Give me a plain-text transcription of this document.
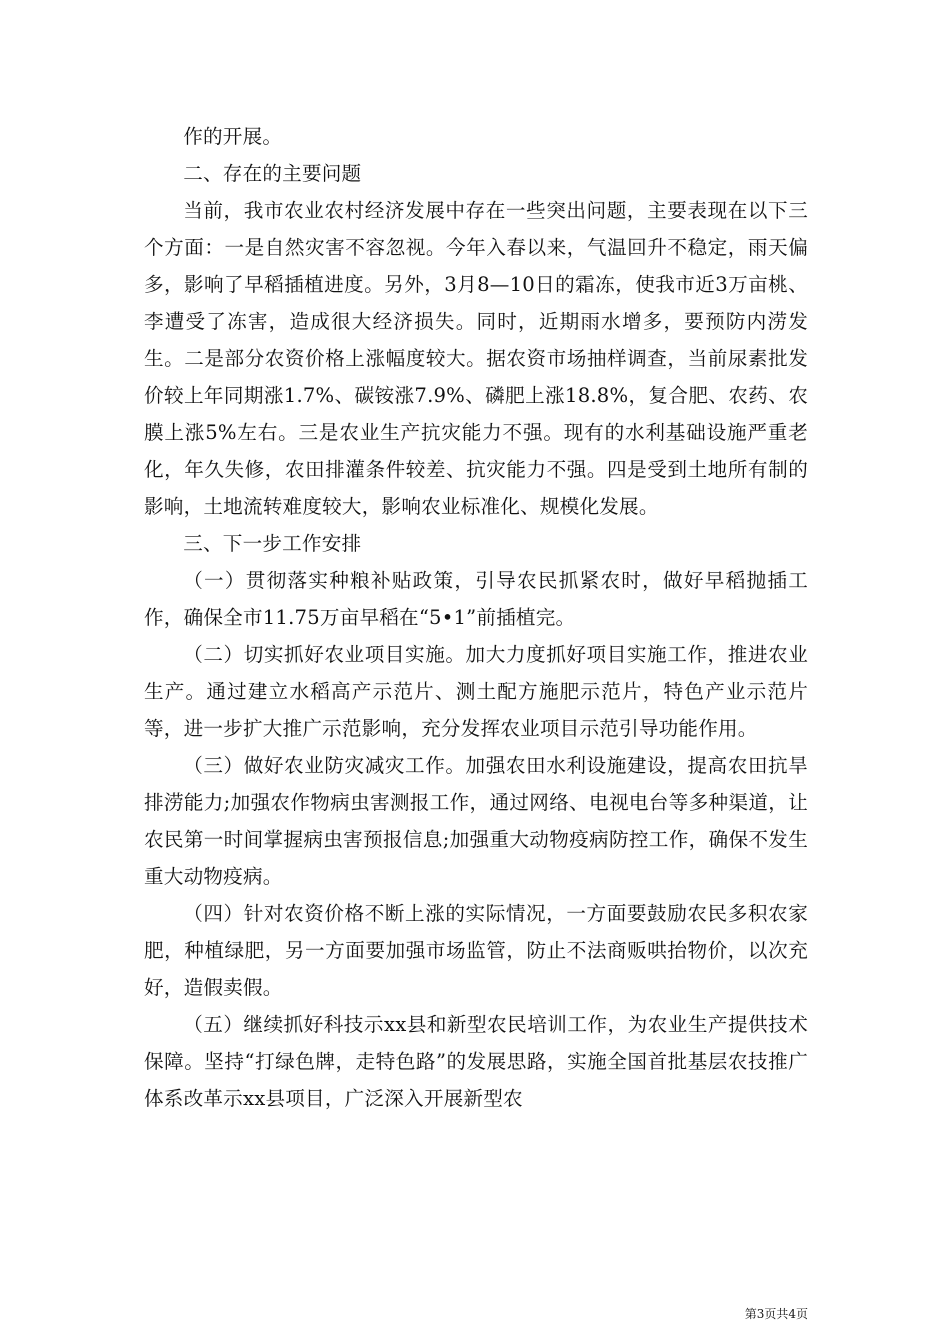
作的开展。

二、存在的主要问题

当前，我市农业农村经济发展中存在一些突出问题，主要表现在以下三个方面：一是自然灾害不容忽视。今年入春以来，气温回升不稳定，雨天偏多，影响了早稻插植进度。另外，3月8—10日的霜冻，使我市近3万亩桃、李遭受了冻害，造成很大经济损失。同时，近期雨水增多，要预防内涝发生。二是部分农资价格上涨幅度较大。据农资市场抽样调查，当前尿素批发价较上年同期涨1.7%、碳铵涨7.9%、磷肥上涨18.8%，复合肥、农药、农膜上涨5%左右。三是农业生产抗灾能力不强。现有的水利基础设施严重老化，年久失修，农田排灌条件较差、抗灾能力不强。四是受到土地所有制的影响，土地流转难度较大，影响农业标准化、规模化发展。

三、下一步工作安排

（一）贯彻落实种粮补贴政策，引导农民抓紧农时，做好早稻抛插工作，确保全市11.75万亩早稻在“5•1”前插植完。

（二）切实抓好农业项目实施。加大力度抓好项目实施工作，推进农业生产。通过建立水稻高产示范片、测土配方施肥示范片，特色产业示范片等，进一步扩大推广示范影响，充分发挥农业项目示范引导功能作用。

（三）做好农业防灾减灾工作。加强农田水利设施建设，提高农田抗旱排涝能力;加强农作物病虫害测报工作，通过网络、电视电台等多种渠道，让农民第一时间掌握病虫害预报信息;加强重大动物疫病防控工作，确保不发生重大动物疫病。

（四）针对农资价格不断上涨的实际情况，一方面要鼓励农民多积农家肥，种植绿肥，另一方面要加强市场监管，防止不法商贩哄抬物价，以次充好，造假卖假。

（五）继续抓好科技示xx县和新型农民培训工作，为农业生产提供技术保障。坚持“打绿色牌，走特色路”的发展思路，实施全国首批基层农技推广体系改革示xx县项目，广泛深入开展新型农

第3页共4页
